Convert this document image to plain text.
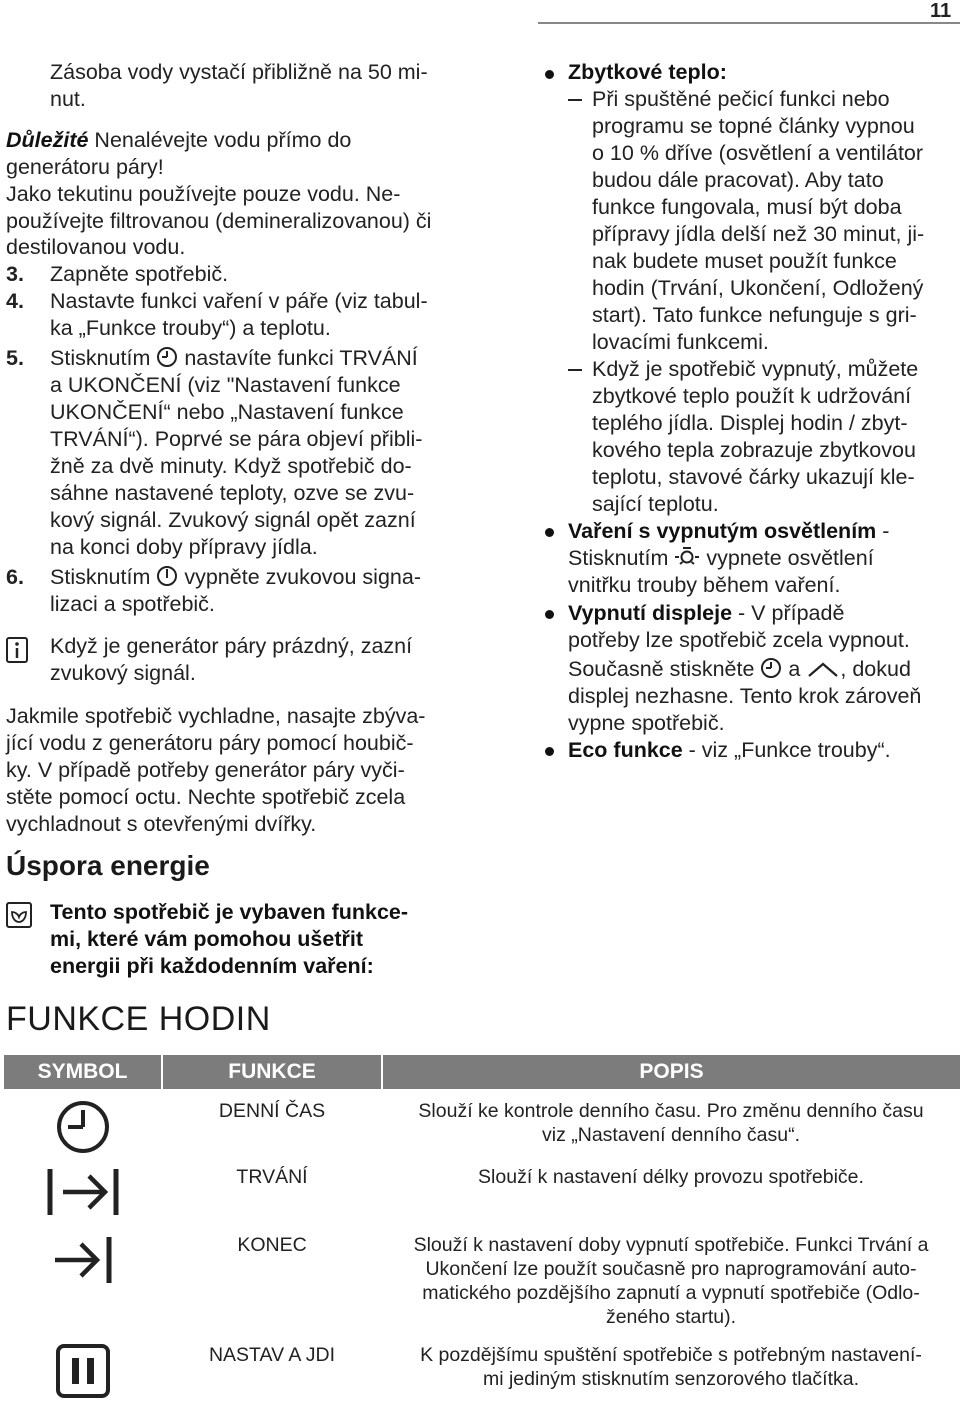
11
Zásoba vody vystačí přibližně na 50 mi-
nut.
Důležité Nenalévejte vodu přímo do
generátoru páry!
Jako tekutinu používejte pouze vodu. Ne-
používejte filtrovanou (demineralizovanou) či
destilovanou vodu.
3. Zapněte spotřebič.
4. Nastavte funkci vaření v páře (viz tabul-
ka „Funkce trouby“) a teplotu.
5. Stisknutím nastavíte funkci TRVÁNÍ
a UKONČENÍ (viz "Nastavení funkce
UKONČENÍ“ nebo „Nastavení funkce
TRVÁNÍ“). Poprvé se pára objeví přibli-
žně za dvě minuty. Když spotřebič do-
sáhne nastavené teploty, ozve se zvu-
kový signál. Zvukový signál opět zazní
na konci doby přípravy jídla.
6. Stisknutím vypněte zvukovou signa-
lizaci a spotřebič.
Když je generátor páry prázdný, zazní
zvukový signál.
Jakmile spotřebič vychladne, nasajte zbýva-
jící vodu z generátoru páry pomocí houbič-
ky. V případě potřeby generátor páry vyči-
stěte pomocí octu. Nechte spotřebič zcela
vychladnout s otevřenými dvířky.
Úspora energie
Tento spotřebič je vybaven funkce-
mi, které vám pomohou ušetřit
energii při každodenním vaření:
Zbytkové teplo:
Při spuštěné pečicí funkci nebo
programu se topné články vypnou
o 10 % dříve (osvětlení a ventilátor
budou dále pracovat). Aby tato
funkce fungovala, musí být doba
přípravy jídla delší než 30 minut, ji-
nak budete muset použít funkce
hodin (Trvání, Ukončení, Odložený
start). Tato funkce nefunguje s gri-
lovacími funkcemi.
Když je spotřebič vypnutý, můžete
zbytkové teplo použít k udržování
teplého jídla. Displej hodin / zbyt-
kového tepla zobrazuje zbytkovou
teplotu, stavové čárky ukazují kle-
sající teplotu.
Vaření s vypnutým osvětlením -
Stisknutím vypnete osvětlení
vnitřku trouby během vaření.
Vypnutí displeje - V případě
potřeby lze spotřebič zcela vypnout.
Současně stiskněte a , dokud
displej nezhasne. Tento krok zároveň
vypne spotřebič.
Eco funkce - viz „Funkce trouby“.
FUNKCE HODIN
SYMBOL	FUNKCE	POPIS

	DENNÍ ČAS	Slouží ke kontrole denního času. Pro změnu denního času
viz „Nastavení denního času“.

	TRVÁNÍ	Slouží k nastavení délky provozu spotřebiče.

	KONEC	Slouží k nastavení doby vypnutí spotřebiče. Funkci Trvání a
Ukončení lze použít současně pro naprogramování auto-
matického pozdějšího zapnutí a vypnutí spotřebiče (Odlo-
ženého startu).

	NASTAV A JDI	K pozdějšímu spuštění spotřebiče s potřebným nastavení-
mi jediným stisknutím senzorového tlačítka.
